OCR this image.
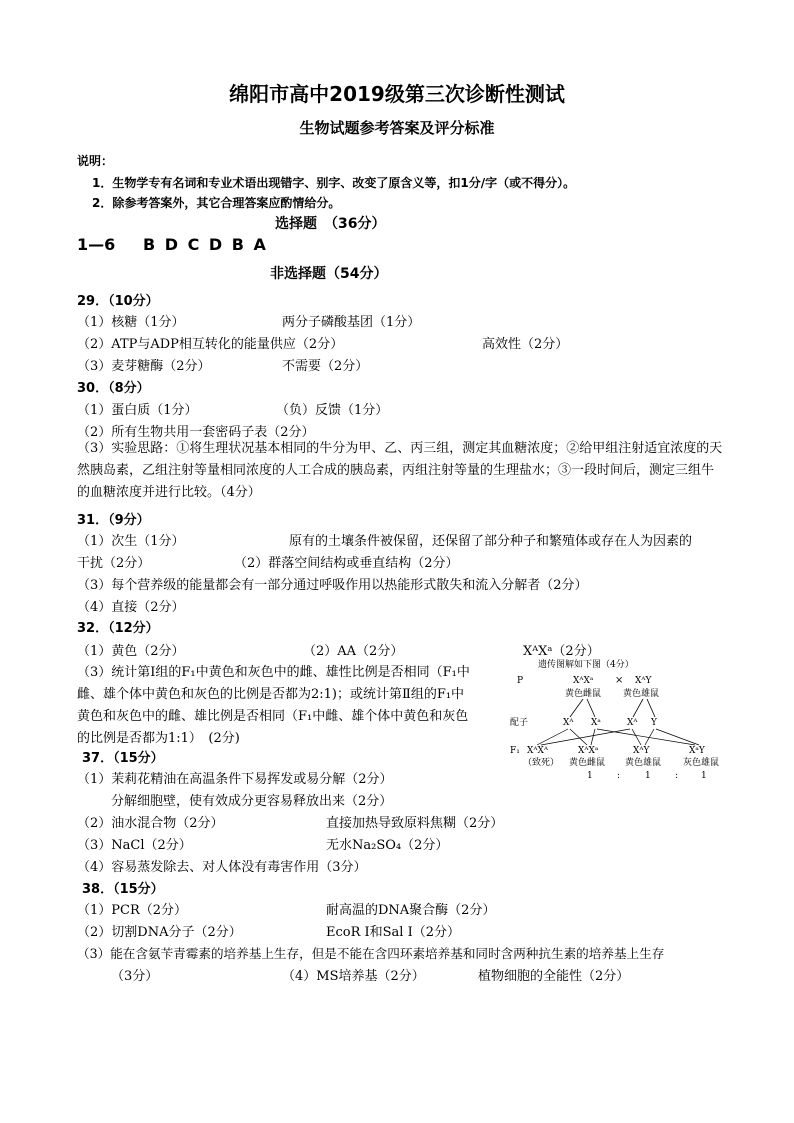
绵阳市高中2019级第三次诊断性测试
生物试题参考答案及评分标准
说明：
1．生物学专有名词和专业术语出现错字、别字、改变了原含义等，扣1分/字（或不得分）。
2．除参考答案外，其它合理答案应酌情给分。
选择题　（36分）
1—6 B D C D B A
非选择题（54分）
29．（10分）
（1）核糖（1分）	两分子磷酸基团（1分）
（2）ATP与ADP相互转化的能量供应（2分）	高效性（2分）
（3）麦芽糖酶（2分）	不需要（2分）
30．（8分）
（1）蛋白质（1分）	（负）反馈（1分）
（2）所有生物共用一套密码子表（2分）
（3）实验思路：①将生理状况基本相同的牛分为甲、乙、丙三组，测定其血糖浓度；②给甲组注射适宜浓度的天然胰岛素，乙组注射等量相同浓度的人工合成的胰岛素，丙组注射等量的生理盐水；③一段时间后，测定三组牛的血糖浓度并进行比较。（4分）
31．（9分）
（1）次生（1分）	原有的土壤条件被保留，还保留了部分种子和繁殖体或存在人为因素的
干扰（2分）	（2）群落空间结构或垂直结构（2分）
（3）每个营养级的能量都会有一部分通过呼吸作用以热能形式散失和流入分解者（2分）
（4）直接（2分）
32．（12分）
（1）黄色（2分）	（2）AA（2分）	XᴬXᵃ（2分）
（3）统计第Ⅰ组的F₁中黄色和灰色中的雌、雄性比例是否相同（F₁中
雌、雄个体中黄色和灰色的比例是否都为2:1)；或统计第Ⅱ组的F₁中
黄色和灰色中的雌、雄比例是否相同（F₁中雌、雄个体中黄色和灰色
的比例是否都为1:1）　(2分)
遗传图解如下图（4分）
P	XᴬXᵃ × XᴬY
黄色雌鼠 黄色雄鼠
配子	Xᴬ Xᵃ	Xᴬ Y
F₁ XᴬXᴬ	XᴬXᵃ	XᴬY	XᵃY
（致死） 黄色雌鼠 黄色雄鼠 灰色雄鼠
1	:	1	:	1
37．（15分）
（1）茉莉花精油在高温条件下易挥发或易分解（2分）
分解细胞壁，使有效成分更容易释放出来（2分）
（2）油水混合物（2分）	直接加热导致原料焦糊（2分）
（3）NaCl（2分）	无水Na₂SO₄（2分）
（4）容易蒸发除去、对人体没有毒害作用（3分）
38．（15分）
（1）PCR（2分）	耐高温的DNA聚合酶（2分）
（2）切割DNA分子（2分）	EcoR Ⅰ和Sal Ⅰ（2分）
（3）能在含氨苄青霉素的培养基上生存，但是不能在含四环素培养基和同时含两种抗生素的培养基上生存
（3分）	（4）MS培养基（2分）	植物细胞的全能性（2分）
